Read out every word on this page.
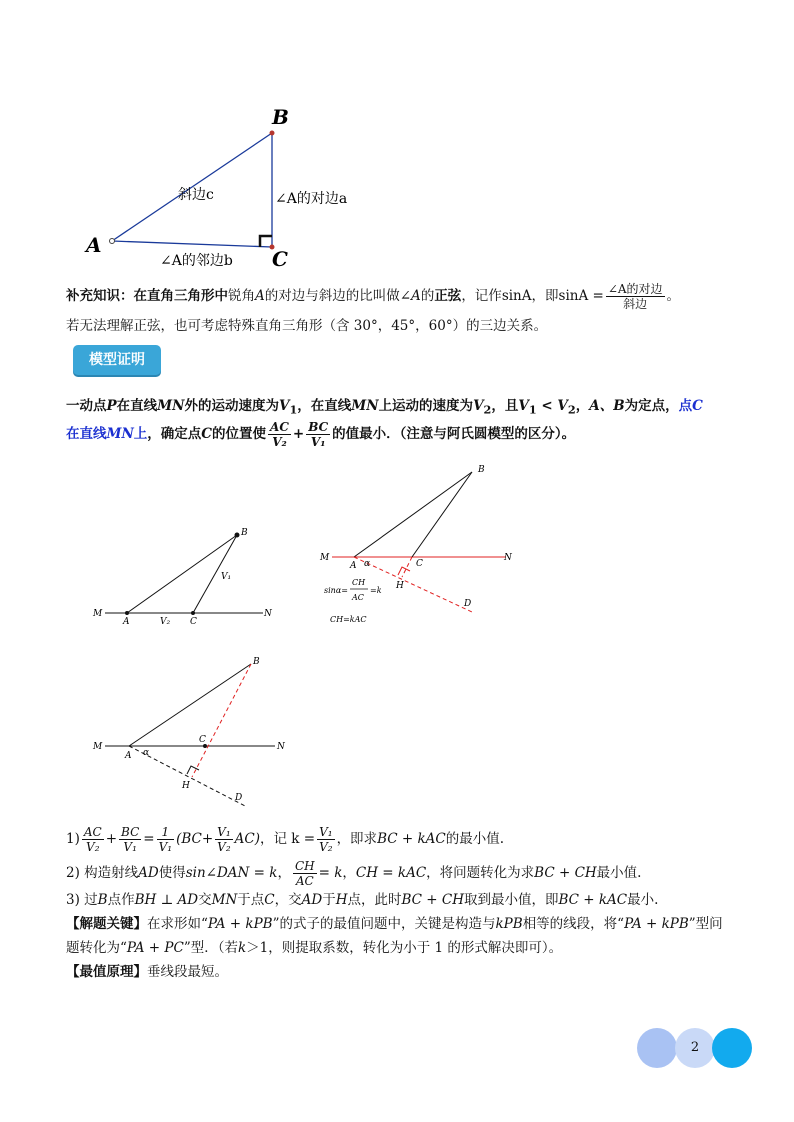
B
A
C
斜边c	∠A的对边a
∠A的邻边b
补充知识：在直角三角形中锐角A的对边与斜边的比叫做∠A的正弦，记作sinA，即$\sin A = \frac{\text{∠A的对边}}{\text{斜边}}$ 。
若无法理解正弦，也可考虑特殊直角三角形（含 30°，45°，60°）的三边关系。
模型证明
一动点P在直线MN外的运动速度为$V_1$，在直线MN上运动的速度为$V_2$，且$V_1 < V_2$，A、B为定点，点C
在直线MN上，确定点C的位置使 $\frac{AC}{\text{V₂}} + \frac{BC}{\text{V₁}}$ 的值最小．（注意与阿氏圆模型的区分）。
B
M	N
A	C
V₁
V₂
B
M	N
A α	C
H
D
sinα=
CH
AC
=k
CH=kAC
B
M	N
A α
C
H
D
$1) \frac{AC}{\text{V₂}} + \frac{BC}{\text{V₁}} = \frac{1}{\text{V₁}} (BC+ \frac{\text{V₁}}{\text{V₂}} AC)$，记 $k = \frac{\text{V₁}}{\text{V₂}}$ ，即求BC + kAC的最小值.
2) 构造射线AD使得sin∠DAN = k， $\frac{CH}{AC} = k$，CH = kAC，将问题转化为求BC + CH最小值.
3) 过B点作BH ⊥ AD交MN于点C，交AD于H点，此时BC + CH取到最小值，即BC + kAC最小.
【解题关键】在求形如“PA + kPB”的式子的最值问题中，关键是构造与kPB相等的线段，将“PA + kPB”型问
题转化为“PA + PC”型．（若k＞1，则提取系数，转化为小于 1 的形式解决即可）。
【最值原理】垂线段最短。
2
